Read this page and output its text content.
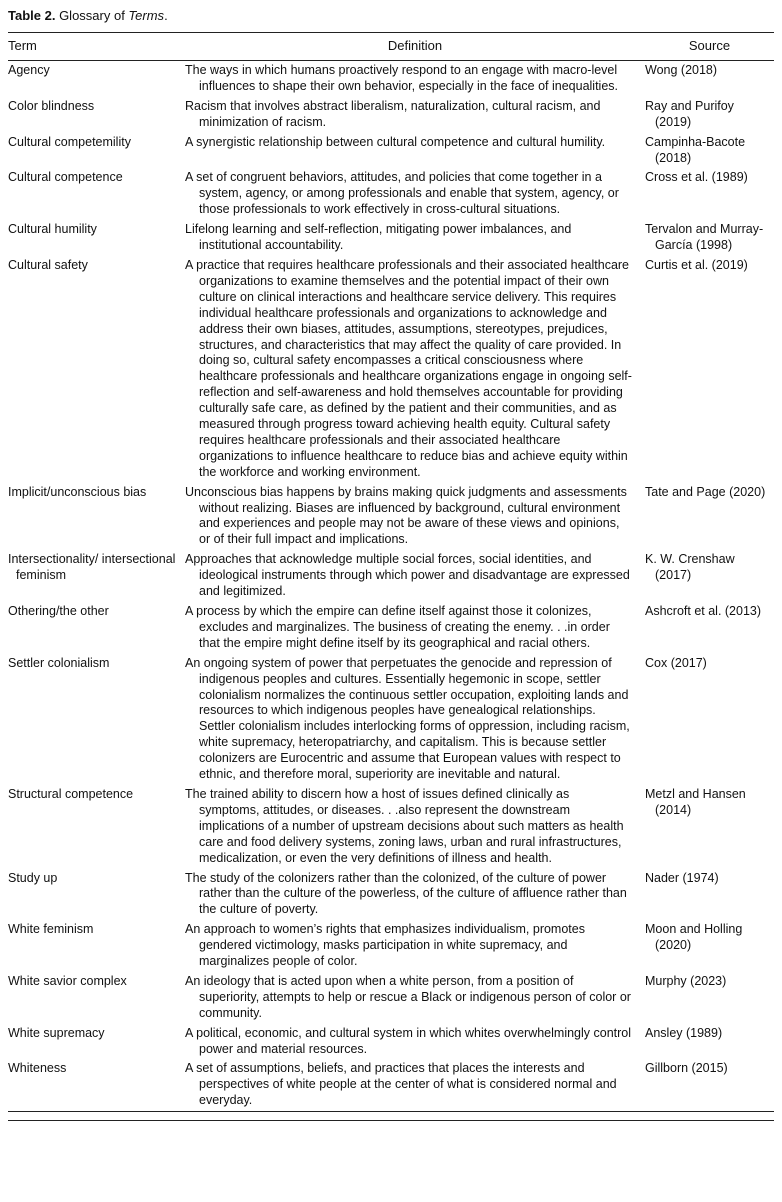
Table 2. Glossary of Terms.

Term	Definition	Source
Agency	The ways in which humans proactively respond to an engage with macro-level influences to shape their own behavior, especially in the face of inequalities.	Wong (2018)
Color blindness	Racism that involves abstract liberalism, naturalization, cultural racism, and minimization of racism.	Ray and Purifoy (2019)
Cultural competemility	A synergistic relationship between cultural competence and cultural humility.	Campinha-Bacote (2018)
Cultural competence	A set of congruent behaviors, attitudes, and policies that come together in a system, agency, or among professionals and enable that system, agency, or those professionals to work effectively in cross-cultural situations.	Cross et al. (1989)
Cultural humility	Lifelong learning and self-reflection, mitigating power imbalances, and institutional accountability.	Tervalon and Murray-García (1998)
Cultural safety	A practice that requires healthcare professionals and their associated healthcare organizations to examine themselves and the potential impact of their own culture on clinical interactions and healthcare service delivery. This requires individual healthcare professionals and organizations to acknowledge and address their own biases, attitudes, assumptions, stereotypes, prejudices, structures, and characteristics that may affect the quality of care provided. In doing so, cultural safety encompasses a critical consciousness where healthcare professionals and healthcare organizations engage in ongoing self-reflection and self-awareness and hold themselves accountable for providing culturally safe care, as defined by the patient and their communities, and as measured through progress toward achieving health equity. Cultural safety requires healthcare professionals and their associated healthcare organizations to influence healthcare to reduce bias and achieve equity within the workforce and working environment.	Curtis et al. (2019)
Implicit/unconscious bias	Unconscious bias happens by brains making quick judgments and assessments without realizing. Biases are influenced by background, cultural environment and experiences and people may not be aware of these views and opinions, or of their full impact and implications.	Tate and Page (2020)
Intersectionality/ intersectional feminism	Approaches that acknowledge multiple social forces, social identities, and ideological instruments through which power and disadvantage are expressed and legitimized.	K. W. Crenshaw (2017)
Othering/the other	A process by which the empire can define itself against those it colonizes, excludes and marginalizes. The business of creating the enemy. . .in order that the empire might define itself by its geographical and racial others.	Ashcroft et al. (2013)
Settler colonialism	An ongoing system of power that perpetuates the genocide and repression of indigenous peoples and cultures. Essentially hegemonic in scope, settler colonialism normalizes the continuous settler occupation, exploiting lands and resources to which indigenous peoples have genealogical relationships. Settler colonialism includes interlocking forms of oppression, including racism, white supremacy, heteropatriarchy, and capitalism. This is because settler colonizers are Eurocentric and assume that European values with respect to ethnic, and therefore moral, superiority are inevitable and natural.	Cox (2017)
Structural competence	The trained ability to discern how a host of issues defined clinically as symptoms, attitudes, or diseases. . .also represent the downstream implications of a number of upstream decisions about such matters as health care and food delivery systems, zoning laws, urban and rural infrastructures, medicalization, or even the very definitions of illness and health.	Metzl and Hansen (2014)
Study up	The study of the colonizers rather than the colonized, of the culture of power rather than the culture of the powerless, of the culture of affluence rather than the culture of poverty.	Nader (1974)
White feminism	An approach to women’s rights that emphasizes individualism, promotes gendered victimology, masks participation in white supremacy, and marginalizes people of color.	Moon and Holling (2020)
White savior complex	An ideology that is acted upon when a white person, from a position of superiority, attempts to help or rescue a Black or indigenous person of color or community.	Murphy (2023)
White supremacy	A political, economic, and cultural system in which whites overwhelmingly control power and material resources.	Ansley (1989)
Whiteness	A set of assumptions, beliefs, and practices that places the interests and perspectives of white people at the center of what is considered normal and everyday.	Gillborn (2015)
